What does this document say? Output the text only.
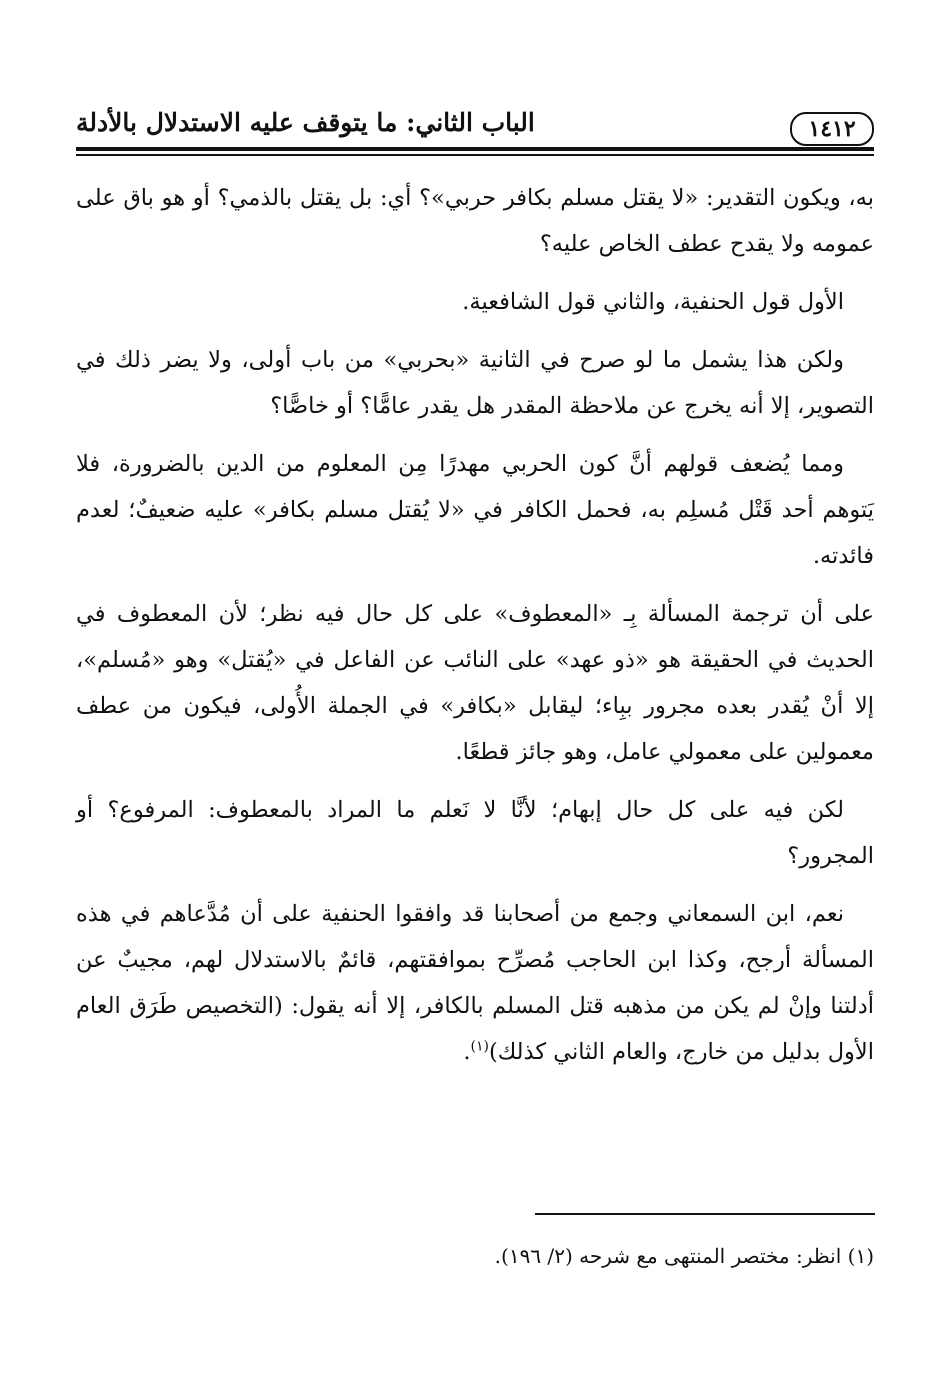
١٤١٢
الباب الثاني: ما يتوقف عليه الاستدلال بالأدلة

به، ويكون التقدير: «لا يقتل مسلم بكافر حربي»؟ أي: بل يقتل بالذمي؟ أو هو باق على عمومه ولا يقدح عطف الخاص عليه؟

الأول قول الحنفية، والثاني قول الشافعية.

ولكن هذا يشمل ما لو صرح في الثانية «بحربي» من باب أولى، ولا يضر ذلك في التصوير، إلا أنه يخرج عن ملاحظة المقدر هل يقدر عامًّا؟ أو خاصًّا؟

ومما يُضعف قولهم أنَّ كون الحربي مهدرًا مِن المعلوم من الدين بالضرورة، فلا يَتوهم أحد قَتْل مُسلِم به، فحمل الكافر في «لا يُقتل مسلم بكافر» عليه ضعيفٌ؛ لعدم فائدته.

على أن ترجمة المسألة بِـ «المعطوف» على كل حال فيه نظر؛ لأن المعطوف في الحديث في الحقيقة هو «ذو عهد» على النائب عن الفاعل في «يُقتل» وهو «مُسلم»، إلا أنْ يُقدر بعده مجرور ببِاء؛ ليقابل «بكافر» في الجملة الأُولى، فيكون من عطف معمولين على معمولي عامل، وهو جائز قطعًا.

لكن فيه على كل حال إبهام؛ لأنَّا لا نَعلم ما المراد بالمعطوف: المرفوع؟ أو المجرور؟

نعم، ابن السمعاني وجمع من أصحابنا قد وافقوا الحنفية على أن مُدَّعاهم في هذه المسألة أرجح، وكذا ابن الحاجب مُصرِّح بموافقتهم، قائمٌ بالاستدلال لهم، مجيبٌ عن أدلتنا وإنْ لم يكن من مذهبه قتل المسلم بالكافر، إلا أنه يقول: (التخصيص طَرَق العام الأول بدليل من خارج، والعام الثاني كذلك)$^{(١)}$.

(١) انظر: مختصر المنتهى مع شرحه (٢/ ١٩٦).
